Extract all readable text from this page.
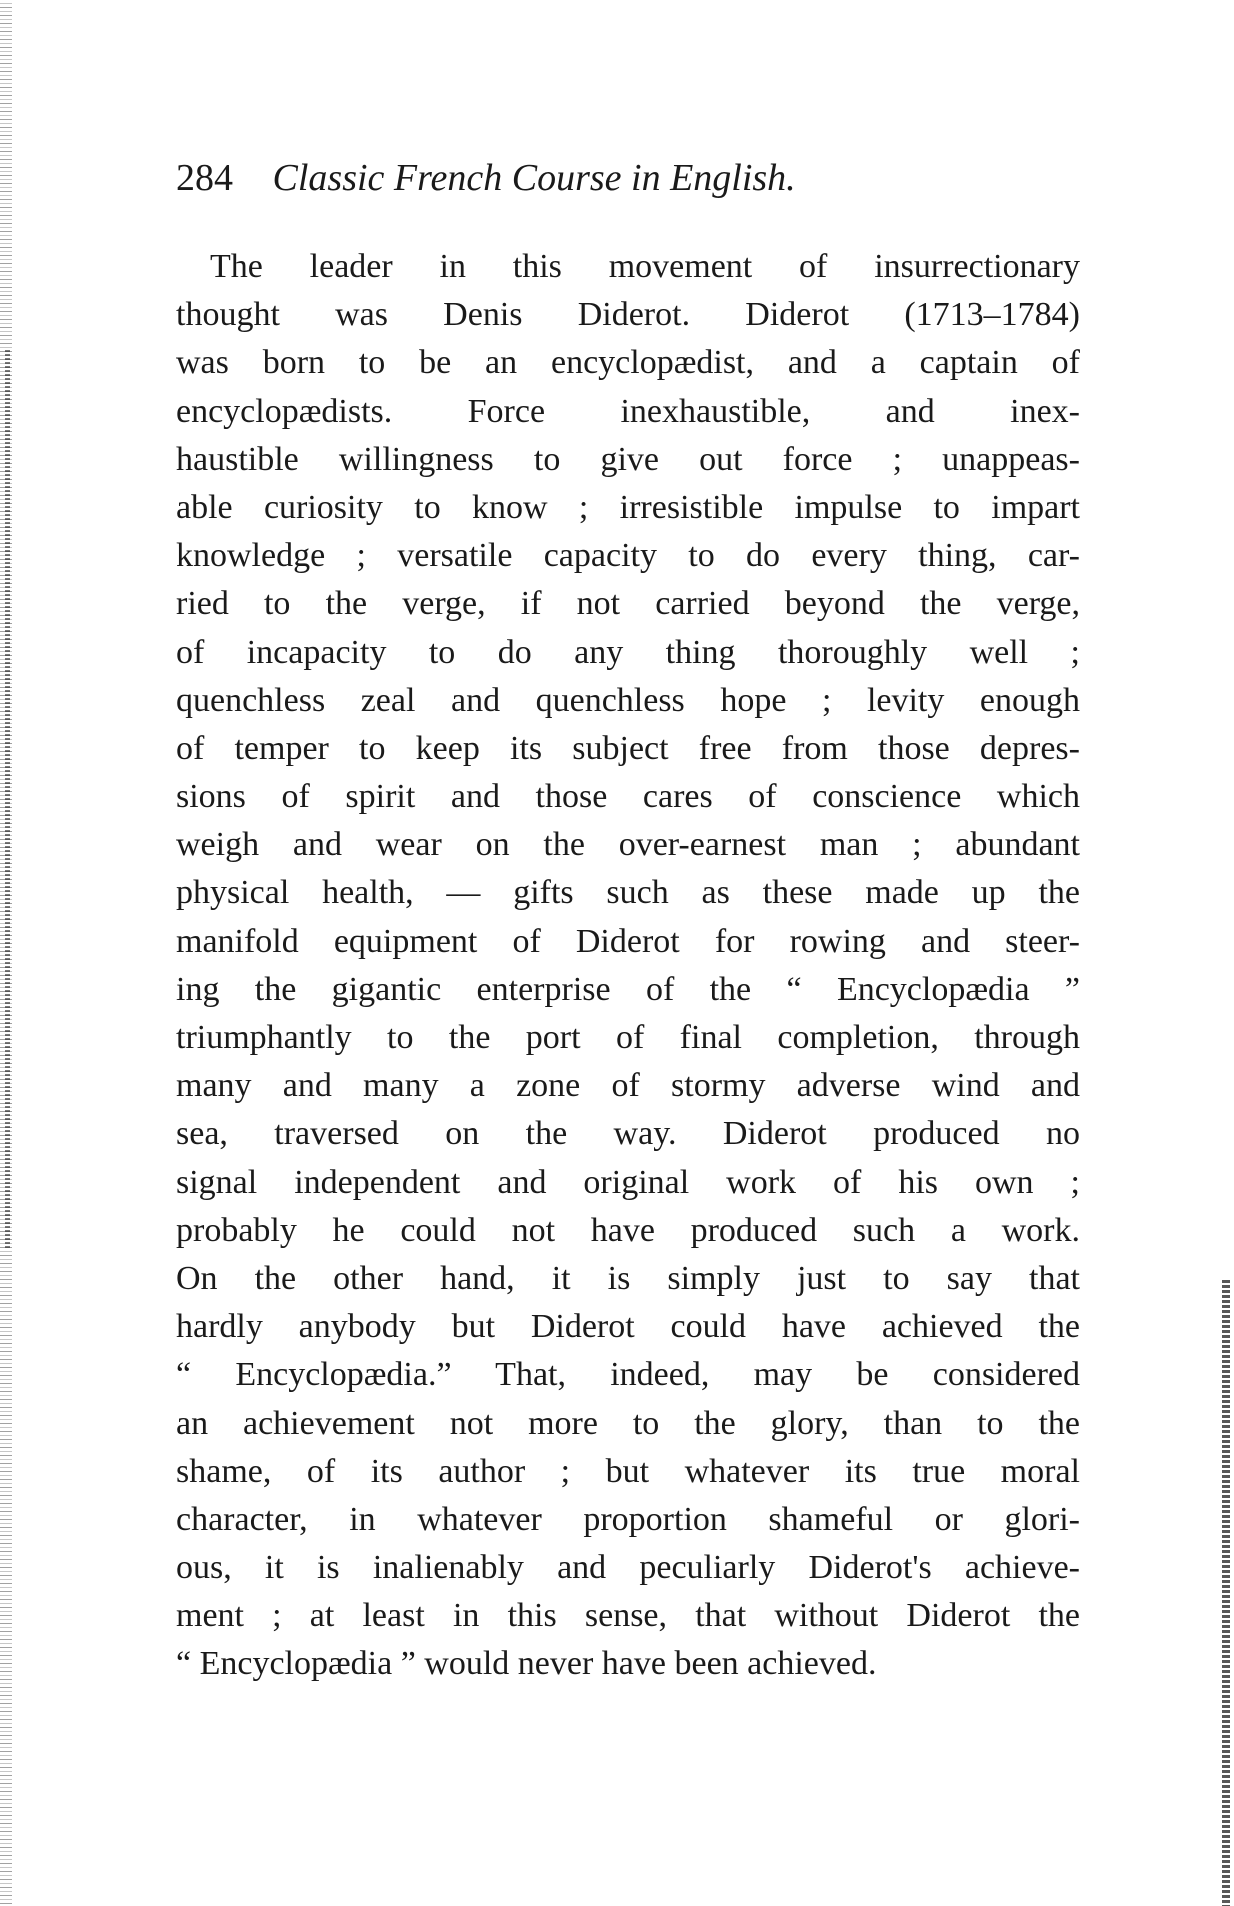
284 Classic French Course in English.
The leader in this movement of insurrectionary
thought was Denis Diderot. Diderot (1713–1784)
was born to be an encyclopædist, and a captain of
encyclopædists. Force inexhaustible, and inex-
haustible willingness to give out force ; unappeas-
able curiosity to know ; irresistible impulse to impart
knowledge ; versatile capacity to do every thing, car-
ried to the verge, if not carried beyond the verge,
of incapacity to do any thing thoroughly well ;
quenchless zeal and quenchless hope ; levity enough
of temper to keep its subject free from those depres-
sions of spirit and those cares of conscience which
weigh and wear on the over-earnest man ; abundant
physical health, — gifts such as these made up the
manifold equipment of Diderot for rowing and steer-
ing the gigantic enterprise of the “ Encyclopædia ”
triumphantly to the port of final completion, through
many and many a zone of stormy adverse wind and
sea, traversed on the way. Diderot produced no
signal independent and original work of his own ;
probably he could not have produced such a work.
On the other hand, it is simply just to say that
hardly anybody but Diderot could have achieved the
“ Encyclopædia.” That, indeed, may be considered
an achievement not more to the glory, than to the
shame, of its author ; but whatever its true moral
character, in whatever proportion shameful or glori-
ous, it is inalienably and peculiarly Diderot's achieve-
ment ; at least in this sense, that without Diderot the
“ Encyclopædia ” would never have been achieved.
